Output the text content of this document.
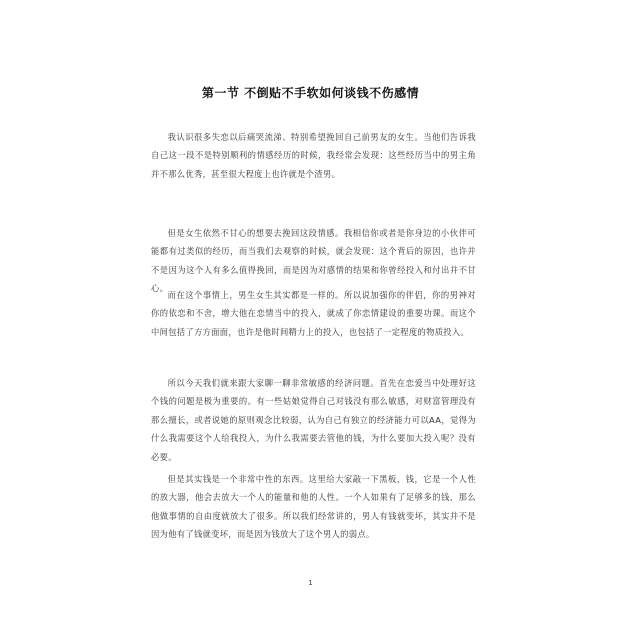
第一节 不倒贴不手软如何谈钱不伤感情

我认识很多失恋以后痛哭流涕、特别希望挽回自己前男友的女生。当他们告诉我自己这一段不是特别顺利的情感经历的时候，我经常会发现：这些经历当中的男主角并不那么优秀，甚至很大程度上也许就是个渣男。

但是女生依然不甘心的想要去挽回这段情感。我相信你或者是你身边的小伙伴可能都有过类似的经历，而当我们去观察的时候，就会发现：这个背后的原因，也许并不是因为这个人有多么值得挽回，而是因为对感情的结果和你曾经投入和付出并不甘心。

而在这个事情上，男生女生其实都是一样的。所以说加强你的伴侣，你的男神对你的依恋和不舍，增大他在恋情当中的投入，就成了你恋情建设的重要功课。而这个中间包括了方方面面，也许是他时间精力上的投入，也包括了一定程度的物质投入。

所以今天我们就来跟大家聊一聊非常敏感的经济问题。首先在恋爱当中处理好这个钱的问题是极为重要的。有一些姑娘觉得自己对钱没有那么敏感，对财富管理没有那么擅长，或者说她的原则观念比较弱，认为自己有独立的经济能力可以AA，觉得为什么我需要这个人给我投入，为什么我需要去管他的钱，为什么要加大投入呢？没有必要。

但是其实钱是一个非常中性的东西。这里给大家敲一下黑板，钱，它是一个人性的放大器，他会去放大一个人的能量和他的人性。一个人如果有了足够多的钱，那么他做事情的自由度就放大了很多。所以我们经常讲的，男人有钱就变坏，其实并不是因为他有了钱就变坏，而是因为钱放大了这个男人的弱点。

1
